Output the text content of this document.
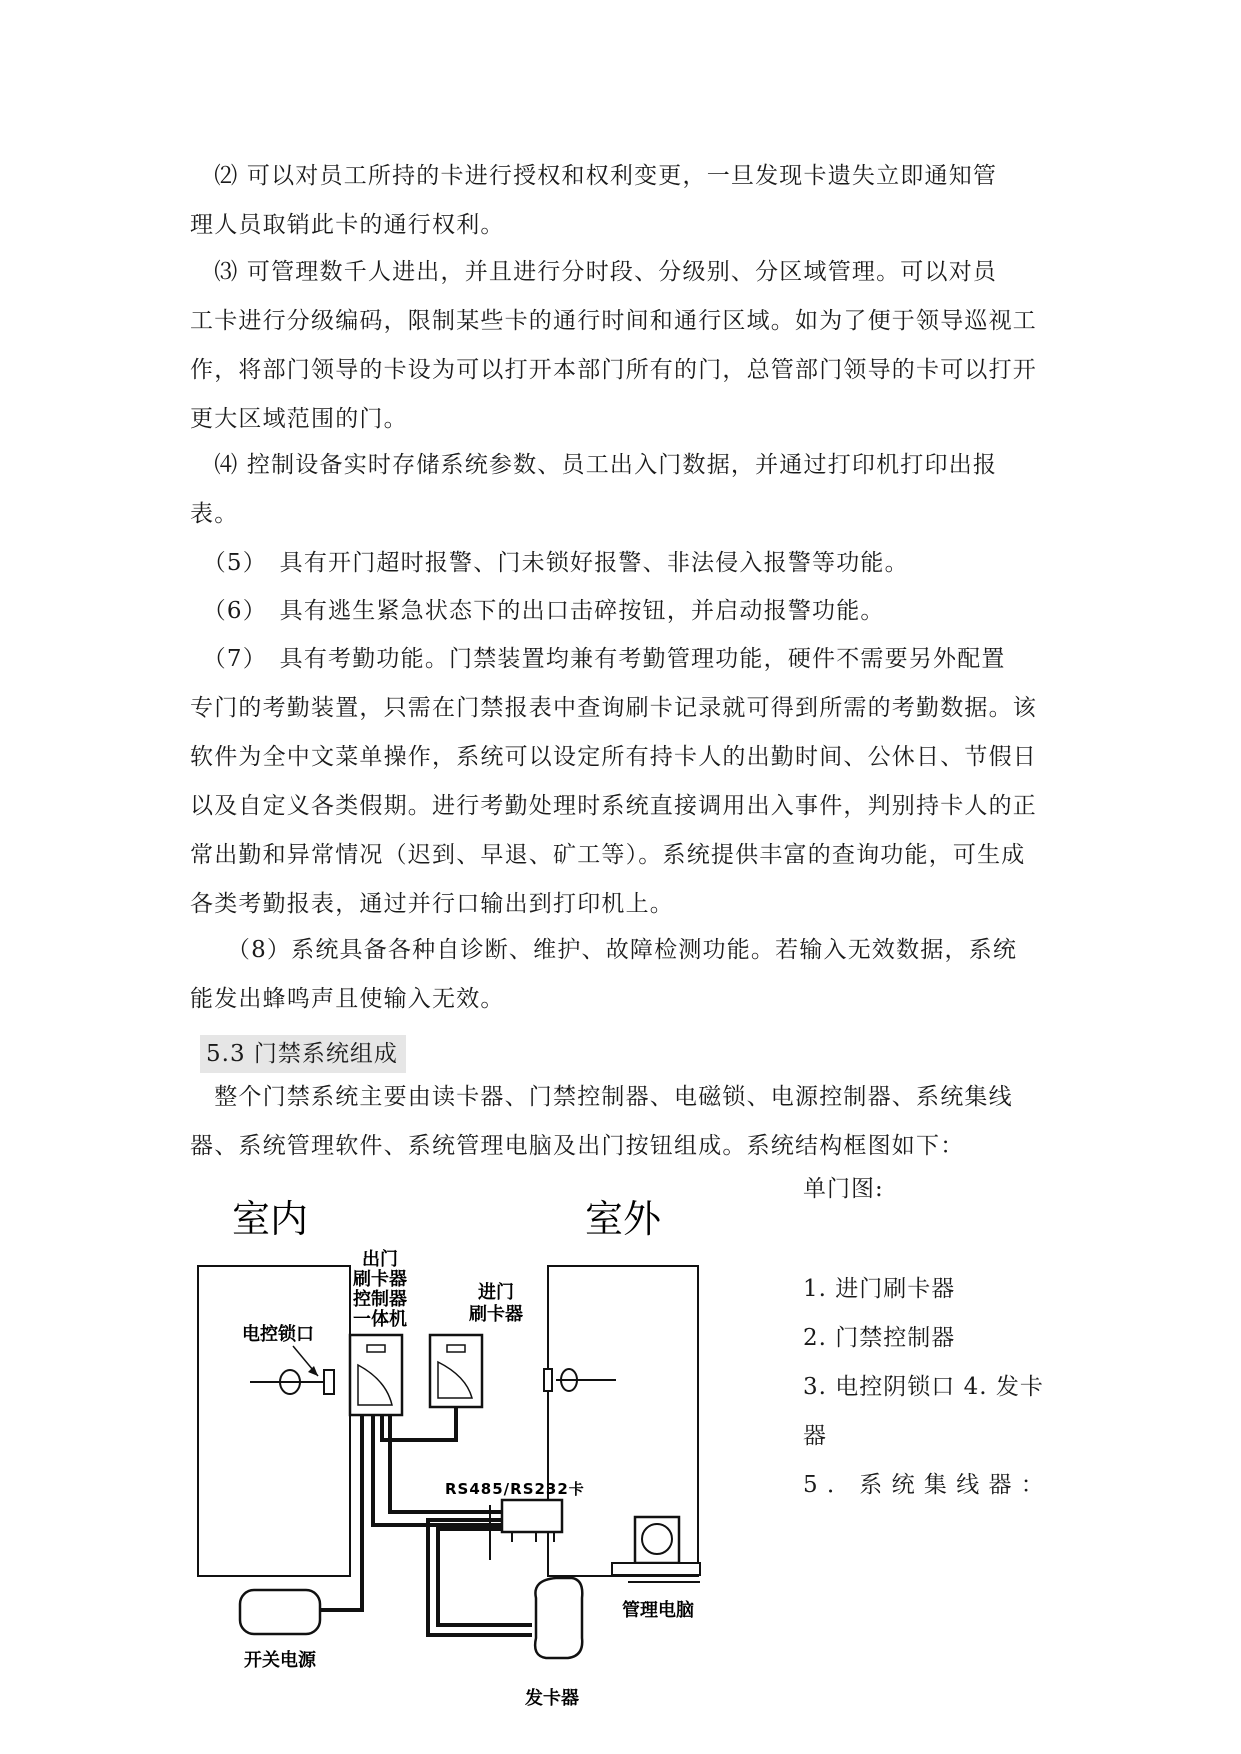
　⑵ 可以对员工所持的卡进行授权和权利变更，一旦发现卡遗失立即通知管
理人员取销此卡的通行权利。
　⑶ 可管理数千人进出，并且进行分时段、分级别、分区域管理。可以对员
工卡进行分级编码，限制某些卡的通行时间和通行区域。如为了便于领导巡视工
作，将部门领导的卡设为可以打开本部门所有的门，总管部门领导的卡可以打开
更大区域范围的门。
　⑷ 控制设备实时存储系统参数、员工出入门数据，并通过打印机打印出报
表。
　（5）　具有开门超时报警、门未锁好报警、非法侵入报警等功能。
　（6）　具有逃生紧急状态下的出口击碎按钮，并启动报警功能。
　（7）　具有考勤功能。门禁装置均兼有考勤管理功能，硬件不需要另外配置
专门的考勤装置，只需在门禁报表中查询刷卡记录就可得到所需的考勤数据。该
软件为全中文菜单操作，系统可以设定所有持卡人的出勤时间、公休日、节假日
以及自定义各类假期。进行考勤处理时系统直接调用出入事件，判别持卡人的正
常出勤和异常情况（迟到、早退、矿工等）。系统提供丰富的查询功能，可生成
各类考勤报表，通过并行口输出到打印机上。
　　（8）系统具备各种自诊断、维护、故障检测功能。若输入无效数据，系统
能发出蜂鸣声且使输入无效。
5.3 门禁系统组成
　整个门禁系统主要由读卡器、门禁控制器、电磁锁、电源控制器、系统集线
器、系统管理软件、系统管理电脑及出门按钮组成。系统结构框图如下：
单门图:
1. 进门刷卡器
2. 门禁控制器
3. 电控阴锁口 4. 发卡
器
5 ． 系 统 集 线 器 ：
室内	室外
出门
刷卡器
控制器
一体机
进门
刷卡器
电控锁口
开关电源
RS485/RS232卡
发卡器
管理电脑
